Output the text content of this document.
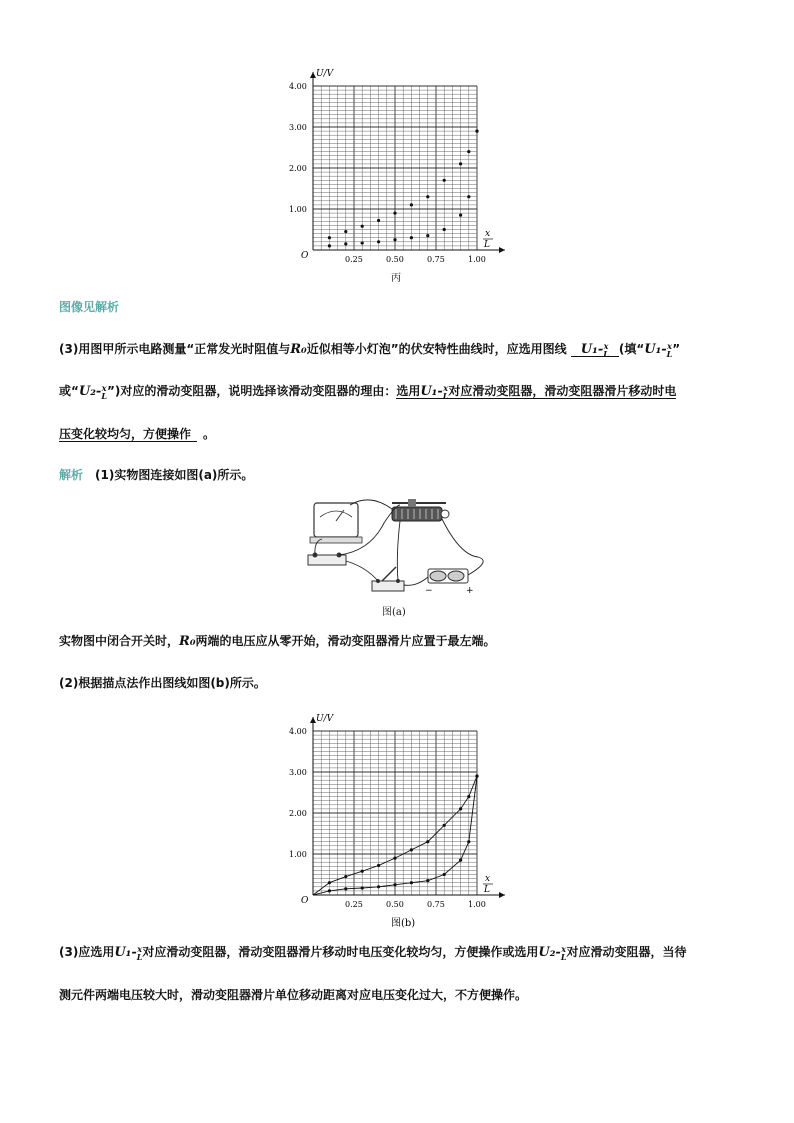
U/V
x
L
O	0.25	0.50	0.75	1.00
1.00
2.00
3.00
4.00
丙
图像见解析
(3)用图甲所示电路测量“正常发光时阻值与R₀近似相等小灯泡”的伏安特性曲线时，应选用图线 U₁-x
L (填“U₁-x
L”
或“U₂-x
L”)对应的滑动变阻器，说明选择该滑动变阻器的理由：选用U₁-x
L对应滑动变阻器，滑动变阻器滑片移动时电
压变化较均匀，方便操作 。
解析 (1)实物图连接如图(a)所示。
−	+
图(a)
实物图中闭合开关时，R₀两端的电压应从零开始，滑动变阻器滑片应置于最左端。
(2)根据描点法作出图线如图(b)所示。
U/V
x
L
O	0.25	0.50	0.75	1.00
1.00
2.00
3.00
4.00
图(b)
(3)应选用U₁-x
L对应滑动变阻器，滑动变阻器滑片移动时电压变化较均匀，方便操作或选用U₂-x
L对应滑动变阻器，当待
测元件两端电压较大时，滑动变阻器滑片单位移动距离对应电压变化过大，不方便操作。
